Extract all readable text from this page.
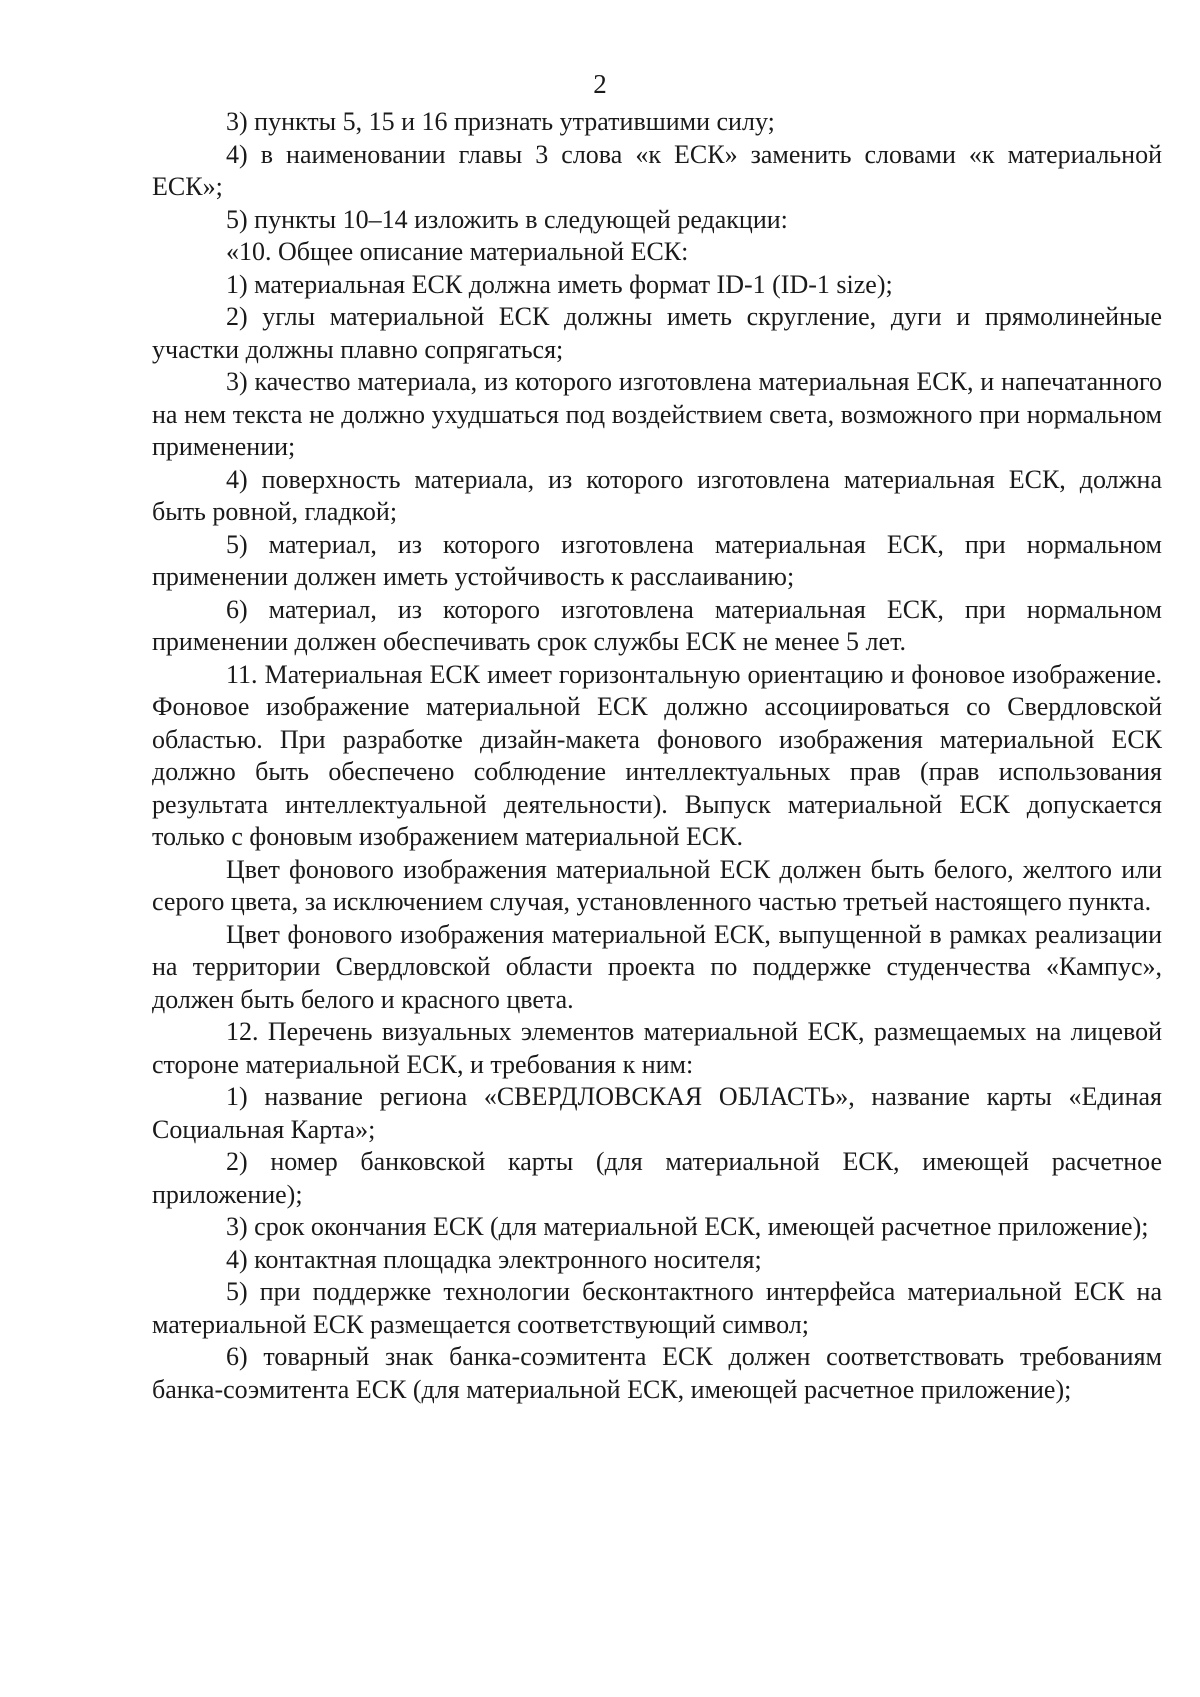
2

3) пункты 5, 15 и 16 признать утратившими силу;

4) в наименовании главы 3 слова «к ЕСК» заменить словами «к материальной ЕСК»;

5) пункты 10–14 изложить в следующей редакции:

«10. Общее описание материальной ЕСК:

1) материальная ЕСК должна иметь формат ID-1 (ID-1 size);

2) углы материальной ЕСК должны иметь скругление, дуги и прямолинейные участки должны плавно сопрягаться;

3) качество материала, из которого изготовлена материальная ЕСК, и напечатанного на нем текста не должно ухудшаться под воздействием света, возможного при нормальном применении;

4) поверхность материала, из которого изготовлена материальная ЕСК, должна быть ровной, гладкой;

5) материал, из которого изготовлена материальная ЕСК, при нормальном применении должен иметь устойчивость к расслаиванию;

6) материал, из которого изготовлена материальная ЕСК, при нормальном применении должен обеспечивать срок службы ЕСК не менее 5 лет.

11. Материальная ЕСК имеет горизонтальную ориентацию и фоновое изображение. Фоновое изображение материальной ЕСК должно ассоциироваться со Свердловской областью. При разработке дизайн-макета фонового изображения материальной ЕСК должно быть обеспечено соблюдение интеллектуальных прав (прав использования результата интеллектуальной деятельности). Выпуск материальной ЕСК допускается только с фоновым изображением материальной ЕСК.

Цвет фонового изображения материальной ЕСК должен быть белого, желтого или серого цвета, за исключением случая, установленного частью третьей настоящего пункта.

Цвет фонового изображения материальной ЕСК, выпущенной в рамках реализации на территории Свердловской области проекта по поддержке студенчества «Кампус», должен быть белого и красного цвета.

12. Перечень визуальных элементов материальной ЕСК, размещаемых на лицевой стороне материальной ЕСК, и требования к ним:

1) название региона «СВЕРДЛОВСКАЯ ОБЛАСТЬ», название карты «Единая Социальная Карта»;

2) номер банковской карты (для материальной ЕСК, имеющей расчетное приложение);

3) срок окончания ЕСК (для материальной ЕСК, имеющей расчетное приложение);

4) контактная площадка электронного носителя;

5) при поддержке технологии бесконтактного интерфейса материальной ЕСК на материальной ЕСК размещается соответствующий символ;

6) товарный знак банка-соэмитента ЕСК должен соответствовать требованиям банка-соэмитента ЕСК (для материальной ЕСК, имеющей расчетное приложение);
